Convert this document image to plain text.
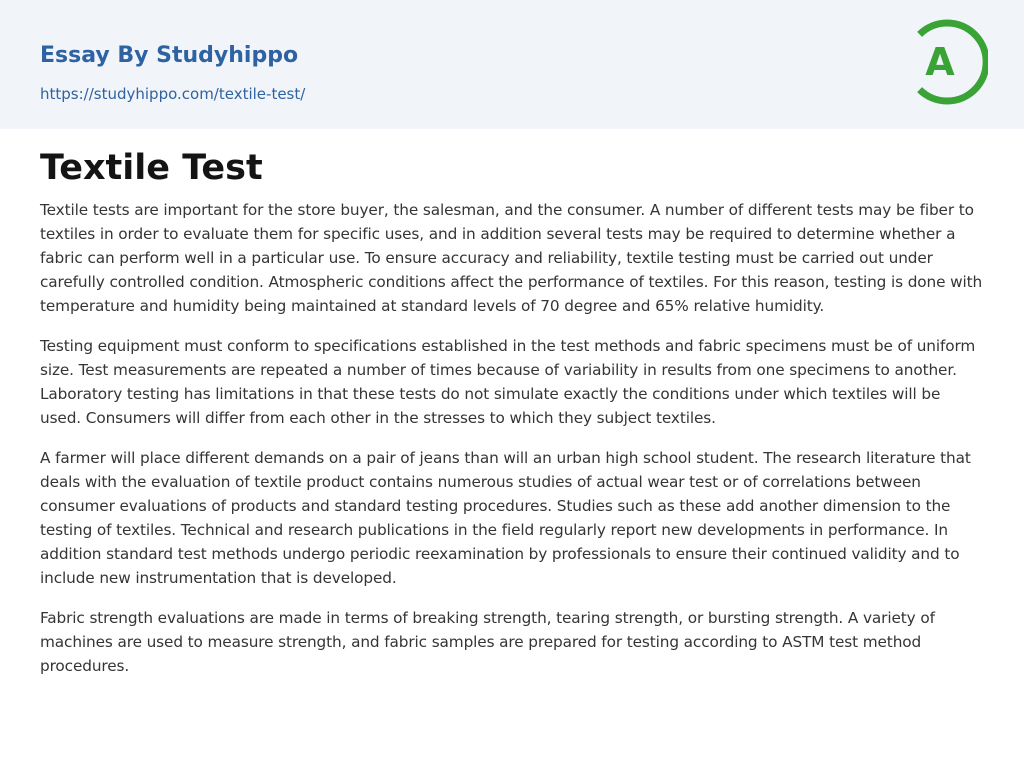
Essay By Studyhippo
https://studyhippo.com/textile-test/
A
Textile Test

Textile tests are important for the store buyer, the salesman, and the consumer. A number of different tests may be fiber to textiles in order to evaluate them for specific uses, and in addition several tests may be required to determine whether a fabric can perform well in a particular use. To ensure accuracy and reliability, textile testing must be carried out under carefully controlled condition. Atmospheric conditions affect the performance of textiles. For this reason, testing is done with temperature and humidity being maintained at standard levels of 70 degree and 65% relative humidity.

Testing equipment must conform to specifications established in the test methods and fabric specimens must be of uniform size. Test measurements are repeated a number of times because of variability in results from one specimens to another. Laboratory testing has limitations in that these tests do not simulate exactly the conditions under which textiles will be used. Consumers will differ from each other in the stresses to which they subject textiles.

A farmer will place different demands on a pair of jeans than will an urban high school student. The research literature that deals with the evaluation of textile product contains numerous studies of actual wear test or of correlations between consumer evaluations of products and standard testing procedures. Studies such as these add another dimension to the testing of textiles. Technical and research publications in the field regularly report new developments in performance. In addition standard test methods undergo periodic reexamination by professionals to ensure their continued validity and to include new instrumentation that is developed.

Fabric strength evaluations are made in terms of breaking strength, tearing strength, or bursting strength. A variety of machines are used to measure strength, and fabric samples are prepared for testing according to ASTM test method procedures.
